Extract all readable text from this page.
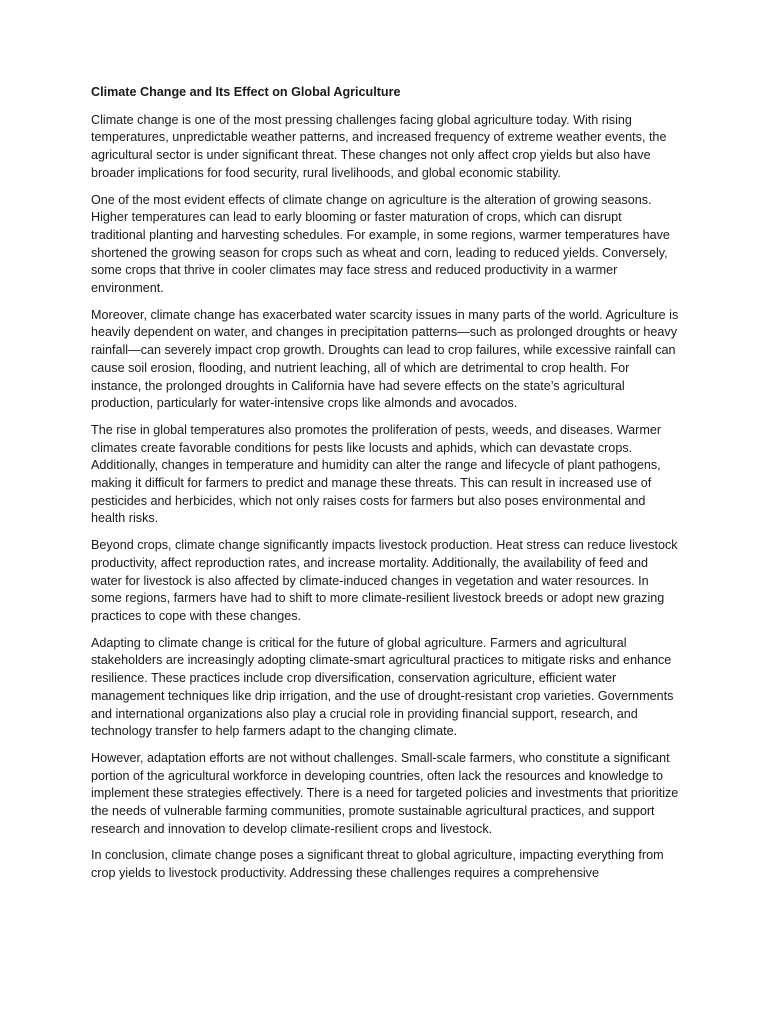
Climate Change and Its Effect on Global Agriculture

Climate change is one of the most pressing challenges facing global agriculture today. With rising temperatures, unpredictable weather patterns, and increased frequency of extreme weather events, the agricultural sector is under significant threat. These changes not only affect crop yields but also have broader implications for food security, rural livelihoods, and global economic stability.

One of the most evident effects of climate change on agriculture is the alteration of growing seasons. Higher temperatures can lead to early blooming or faster maturation of crops, which can disrupt traditional planting and harvesting schedules. For example, in some regions, warmer temperatures have shortened the growing season for crops such as wheat and corn, leading to reduced yields. Conversely, some crops that thrive in cooler climates may face stress and reduced productivity in a warmer environment.

Moreover, climate change has exacerbated water scarcity issues in many parts of the world. Agriculture is heavily dependent on water, and changes in precipitation patterns—such as prolonged droughts or heavy rainfall—can severely impact crop growth. Droughts can lead to crop failures, while excessive rainfall can cause soil erosion, flooding, and nutrient leaching, all of which are detrimental to crop health. For instance, the prolonged droughts in California have had severe effects on the state’s agricultural production, particularly for water-intensive crops like almonds and avocados.

The rise in global temperatures also promotes the proliferation of pests, weeds, and diseases. Warmer climates create favorable conditions for pests like locusts and aphids, which can devastate crops. Additionally, changes in temperature and humidity can alter the range and lifecycle of plant pathogens, making it difficult for farmers to predict and manage these threats. This can result in increased use of pesticides and herbicides, which not only raises costs for farmers but also poses environmental and health risks.

Beyond crops, climate change significantly impacts livestock production. Heat stress can reduce livestock productivity, affect reproduction rates, and increase mortality. Additionally, the availability of feed and water for livestock is also affected by climate-induced changes in vegetation and water resources. In some regions, farmers have had to shift to more climate-resilient livestock breeds or adopt new grazing practices to cope with these changes.

Adapting to climate change is critical for the future of global agriculture. Farmers and agricultural stakeholders are increasingly adopting climate-smart agricultural practices to mitigate risks and enhance resilience. These practices include crop diversification, conservation agriculture, efficient water management techniques like drip irrigation, and the use of drought-resistant crop varieties. Governments and international organizations also play a crucial role in providing financial support, research, and technology transfer to help farmers adapt to the changing climate.

However, adaptation efforts are not without challenges. Small-scale farmers, who constitute a significant portion of the agricultural workforce in developing countries, often lack the resources and knowledge to implement these strategies effectively. There is a need for targeted policies and investments that prioritize the needs of vulnerable farming communities, promote sustainable agricultural practices, and support research and innovation to develop climate-resilient crops and livestock.

In conclusion, climate change poses a significant threat to global agriculture, impacting everything from crop yields to livestock productivity. Addressing these challenges requires a comprehensive
